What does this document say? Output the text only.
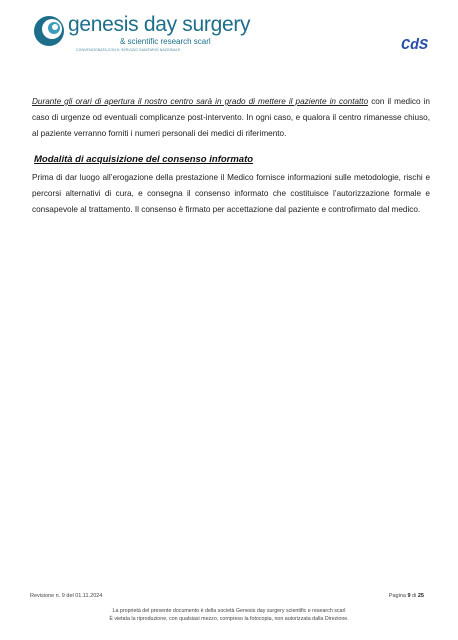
genesis day surgery
& scientific research scarl
CONVENZIONATA CON IL SERVIZIO SANITARIO NAZIONALE	CdS
Durante gli orari di apertura il nostro centro sarà in grado di mettere il paziente in contatto con il medico in caso di urgenze od eventuali complicanze post-intervento. In ogni caso, e qualora il centro rimanesse chiuso, al paziente verranno forniti i numeri personali dei medici di riferimento.
Modalità di acquisizione del consenso informato
Prima di dar luogo all’erogazione della prestazione il Medico fornisce informazioni sulle metodologie, rischi e percorsi alternativi di cura, e consegna il consenso informato che costituisce l’autorizzazione formale e consapevole al trattamento. Il consenso è firmato per accettazione dal paziente e controfirmato dal medico.
Revisione n. 9 del 01.11.2024	Pagina 9 di 25
La proprietà del presente documento è della società Genesis day surgery scientific e research scarl
È vietata la riproduzione, con qualsiasi mezzo, compreso la fotocopia, non autorizzata dalla Direzione.
